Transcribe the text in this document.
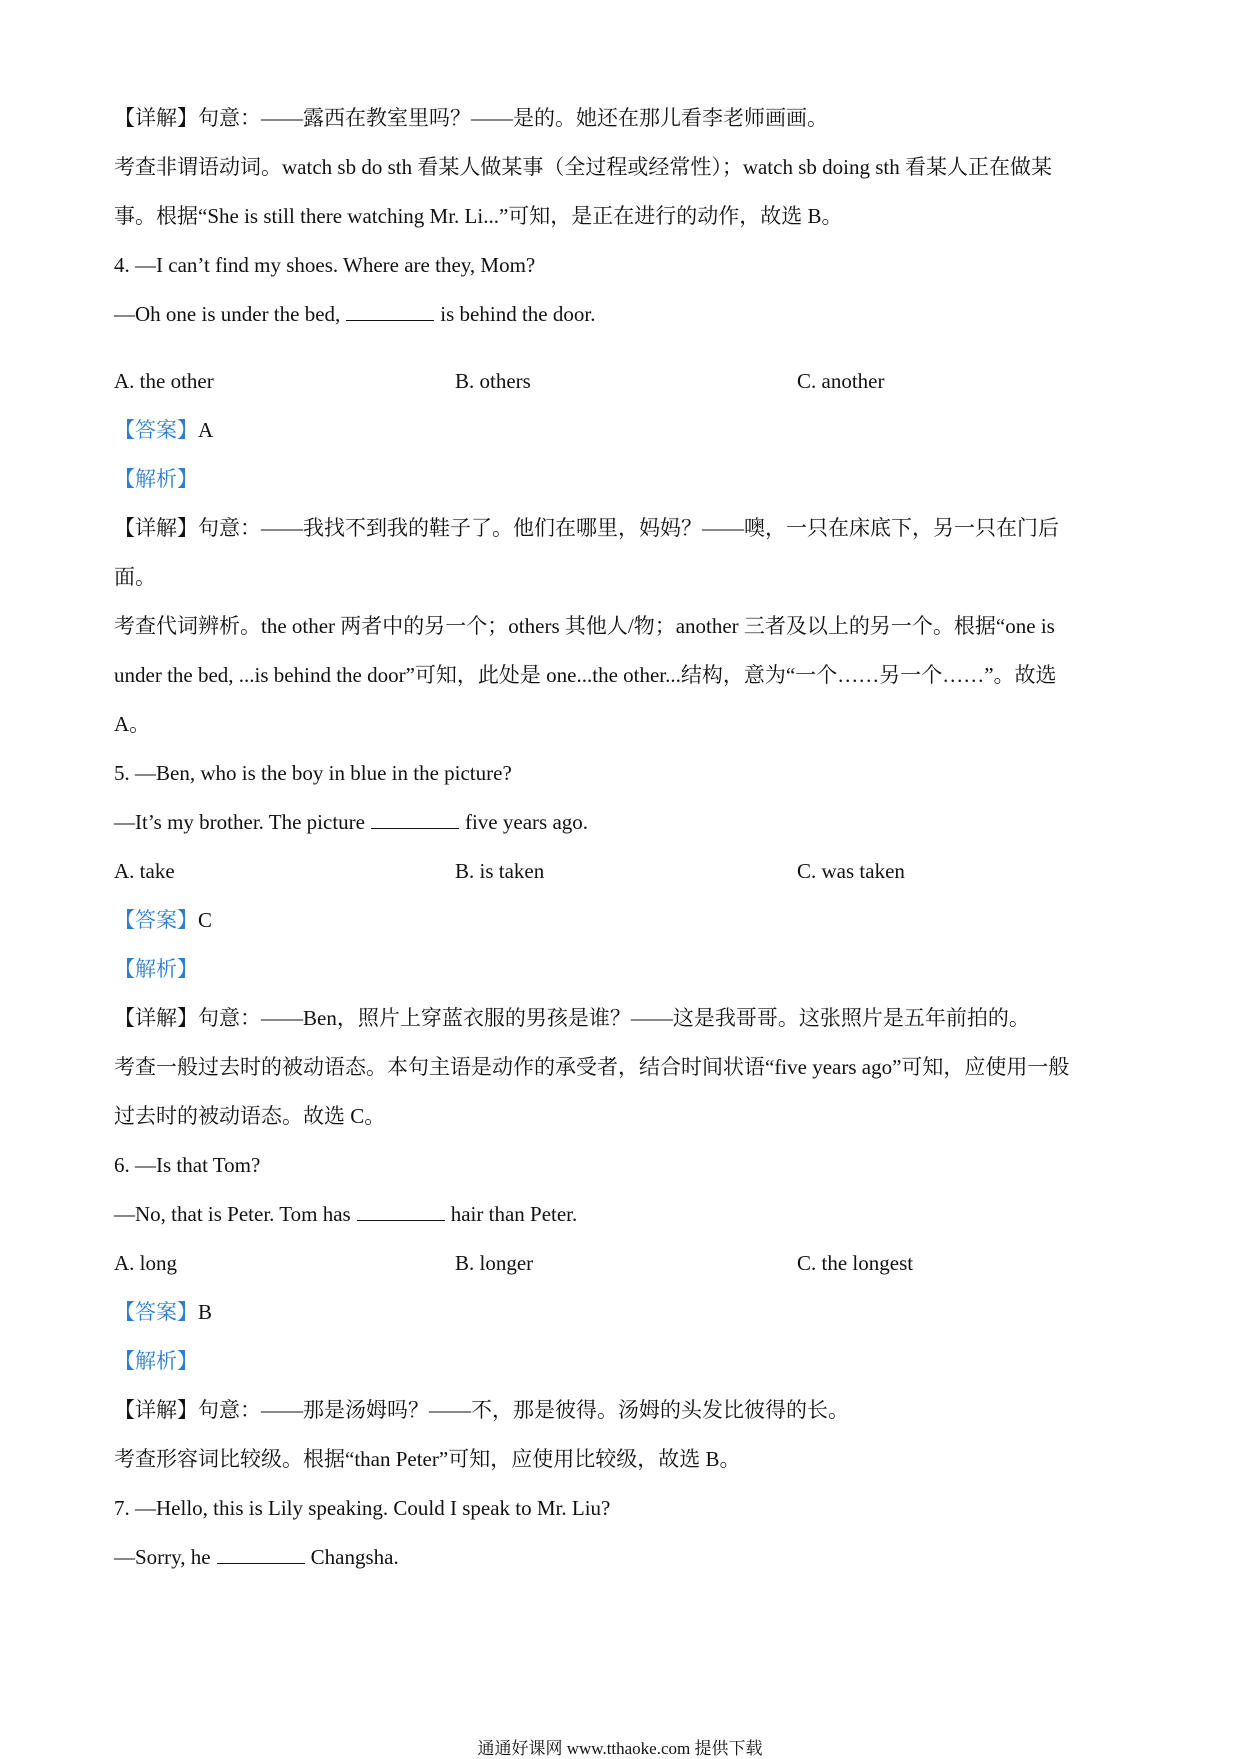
【详解】句意：——露西在教室里吗？——是的。她还在那儿看李老师画画。
考查非谓语动词。watch sb do sth 看某人做某事（全过程或经常性）；watch sb doing sth 看某人正在做某
事。根据“She is still there watching Mr. Li...”可知，是正在进行的动作，故选 B。
4. —I can’t find my shoes. Where are they, Mom?
—Oh one is under the bed,	is behind the door.
A. the other	B. others	C. another
【答案】A
【解析】
【详解】句意：——我找不到我的鞋子了。他们在哪里，妈妈？——噢，一只在床底下，另一只在门后
面。
考查代词辨析。the other 两者中的另一个；others 其他人/物；another 三者及以上的另一个。根据“one is
under the bed, ...is behind the door”可知，此处是 one...the other...结构，意为“一个……另一个……”。故选
A。
5. —Ben, who is the boy in blue in the picture?
—It’s my brother. The picture	five years ago.
A. take	B. is taken	C. was taken
【答案】C
【解析】
【详解】句意：——Ben，照片上穿蓝衣服的男孩是谁？——这是我哥哥。这张照片是五年前拍的。
考查一般过去时的被动语态。本句主语是动作的承受者，结合时间状语“five years ago”可知，应使用一般
过去时的被动语态。故选 C。
6. —Is that Tom?
—No, that is Peter. Tom has	hair than Peter.
A. long	B. longer	C. the longest
【答案】B
【解析】
【详解】句意：——那是汤姆吗？——不，那是彼得。汤姆的头发比彼得的长。
考查形容词比较级。根据“than Peter”可知，应使用比较级，故选 B。
7. —Hello, this is Lily speaking. Could I speak to Mr. Liu?
—Sorry, he	Changsha.
通通好课网 www.tthaoke.com 提供下载
